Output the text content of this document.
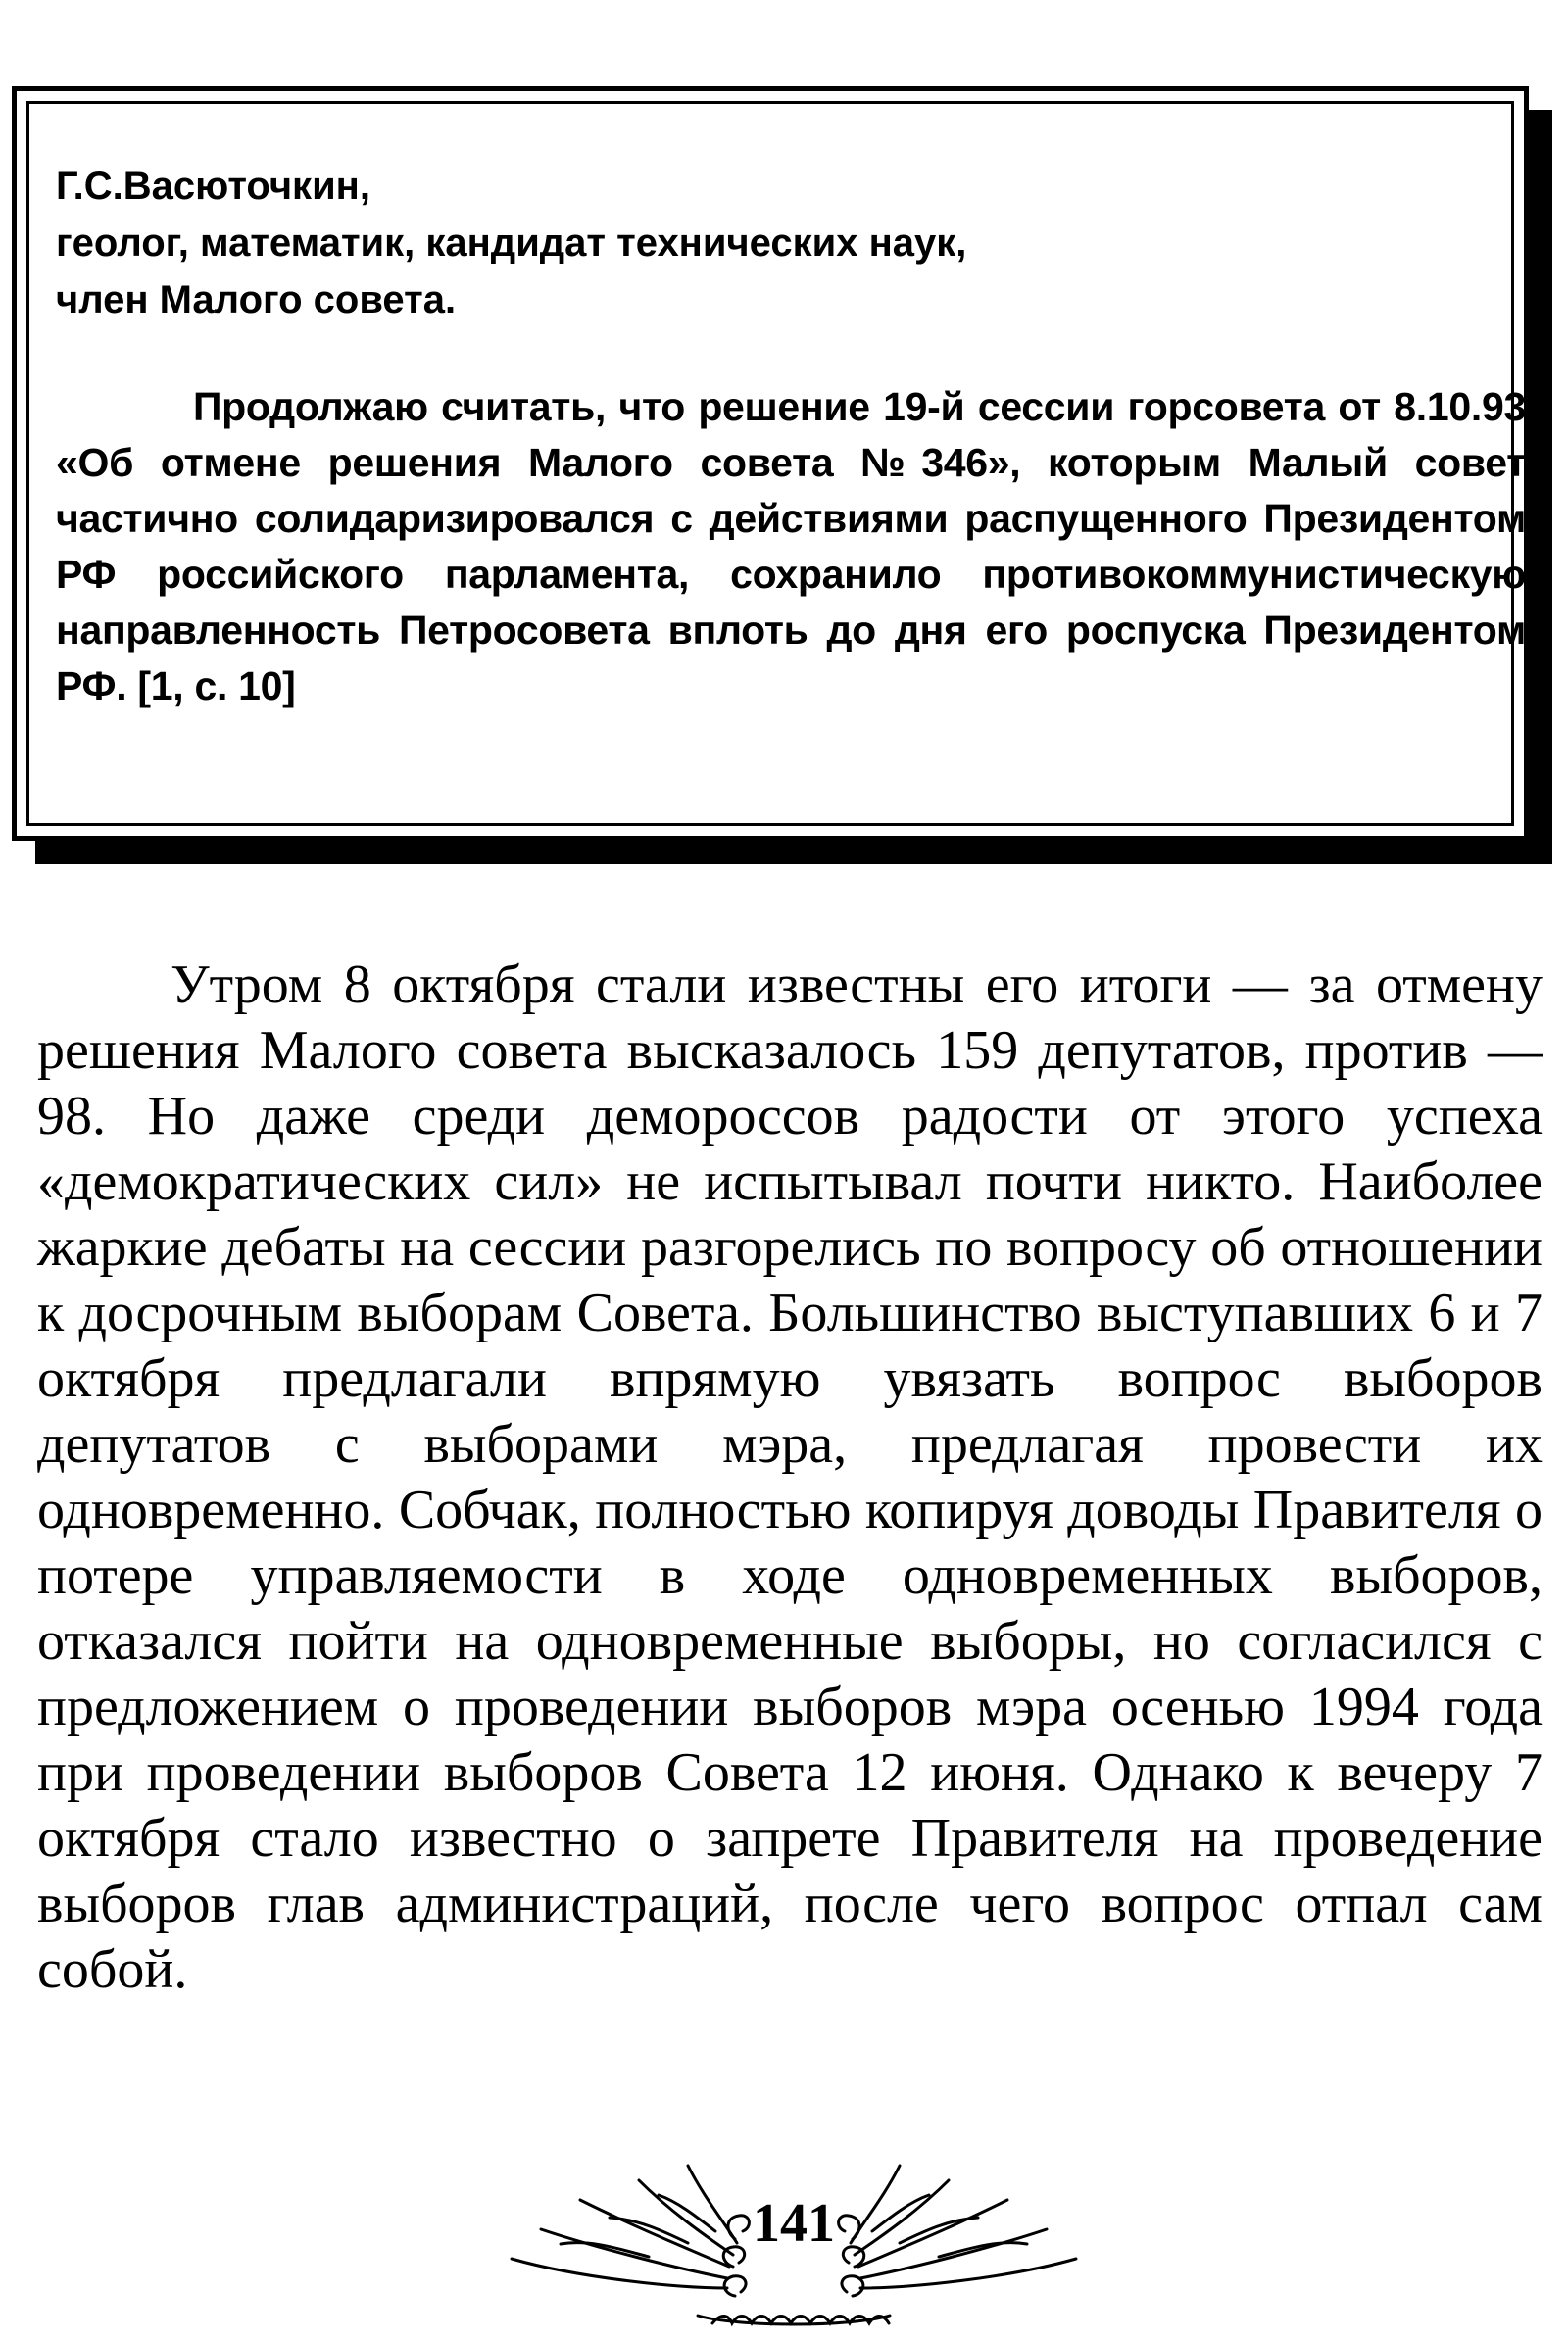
Г.С.Васюточкин,
геолог, математик, кандидат технических наук,
член Малого совета.
Продолжаю считать, что решение 19-й сессии горсовета от 8.10.93 «Об отмене решения Малого совета №346», которым Малый совет частично солидаризировался с действиями распущенного Президентом РФ российского парламента, сохранило противокоммунистическую направленность Петросовета вплоть до дня его роспуска Президентом РФ. [1, с. 10]
Утром 8 октября стали известны его итоги — за отмену решения Малого совета высказалось 159 депутатов, против — 98. Но даже среди демороссов радости от этого успеха «демократических сил» не испытывал почти никто. Наиболее жаркие дебаты на сессии разгорелись по вопросу об отношении к досрочным выборам Совета. Большинство выступавших 6 и 7 октября предлагали впрямую увязать вопрос выборов депутатов с выборами мэра, предлагая провести их одновременно. Собчак, полностью копируя доводы Правителя о потере управляемости в ходе одновременных выборов, отказался пойти на одновременные выборы, но согласился с предложением о проведении выборов мэра осенью 1994 года при проведении выборов Совета 12 июня. Однако к вечеру 7 октября стало известно о запрете Правителя на проведение выборов глав администраций, после чего вопрос отпал сам собой.
141
